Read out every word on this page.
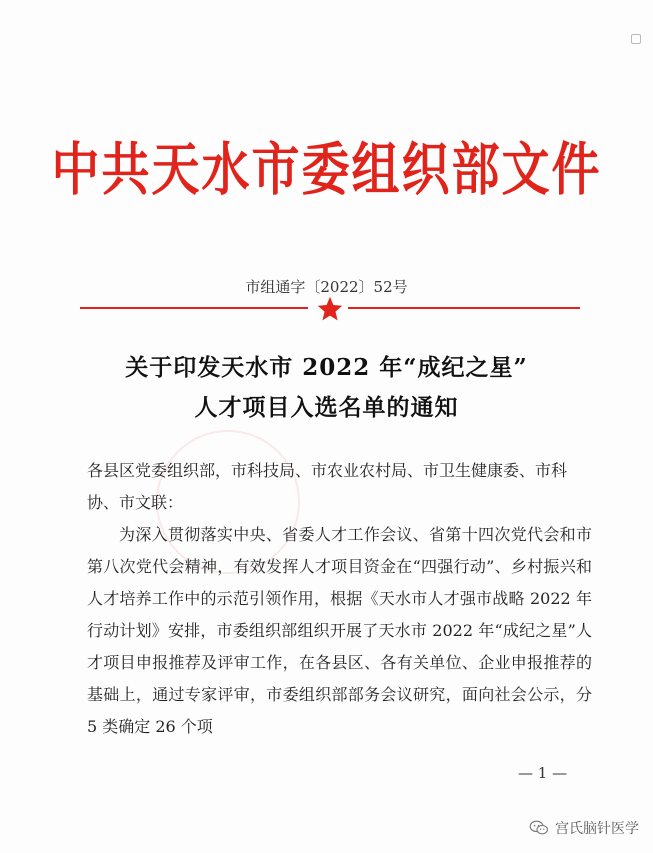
中共天水市委组织部文件
市组通字〔2022〕52号
关于印发天水市 2022 年“成纪之星”
人才项目入选名单的通知
各县区党委组织部，市科技局、市农业农村局、市卫生健康委、市科协、市文联：
为深入贯彻落实中央、省委人才工作会议、省第十四次党代会和市第八次党代会精神，有效发挥人才项目资金在“四强行动”、乡村振兴和人才培养工作中的示范引领作用，根据《天水市人才强市战略 2022 年行动计划》安排，市委组织部组织开展了天水市 2022 年“成纪之星”人才项目申报推荐及评审工作，在各县区、各有关单位、企业申报推荐的基础上，通过专家评审，市委组织部部务会议研究，面向社会公示，分 5 类确定 26 个项
— 1 —
宫氏脑针医学
